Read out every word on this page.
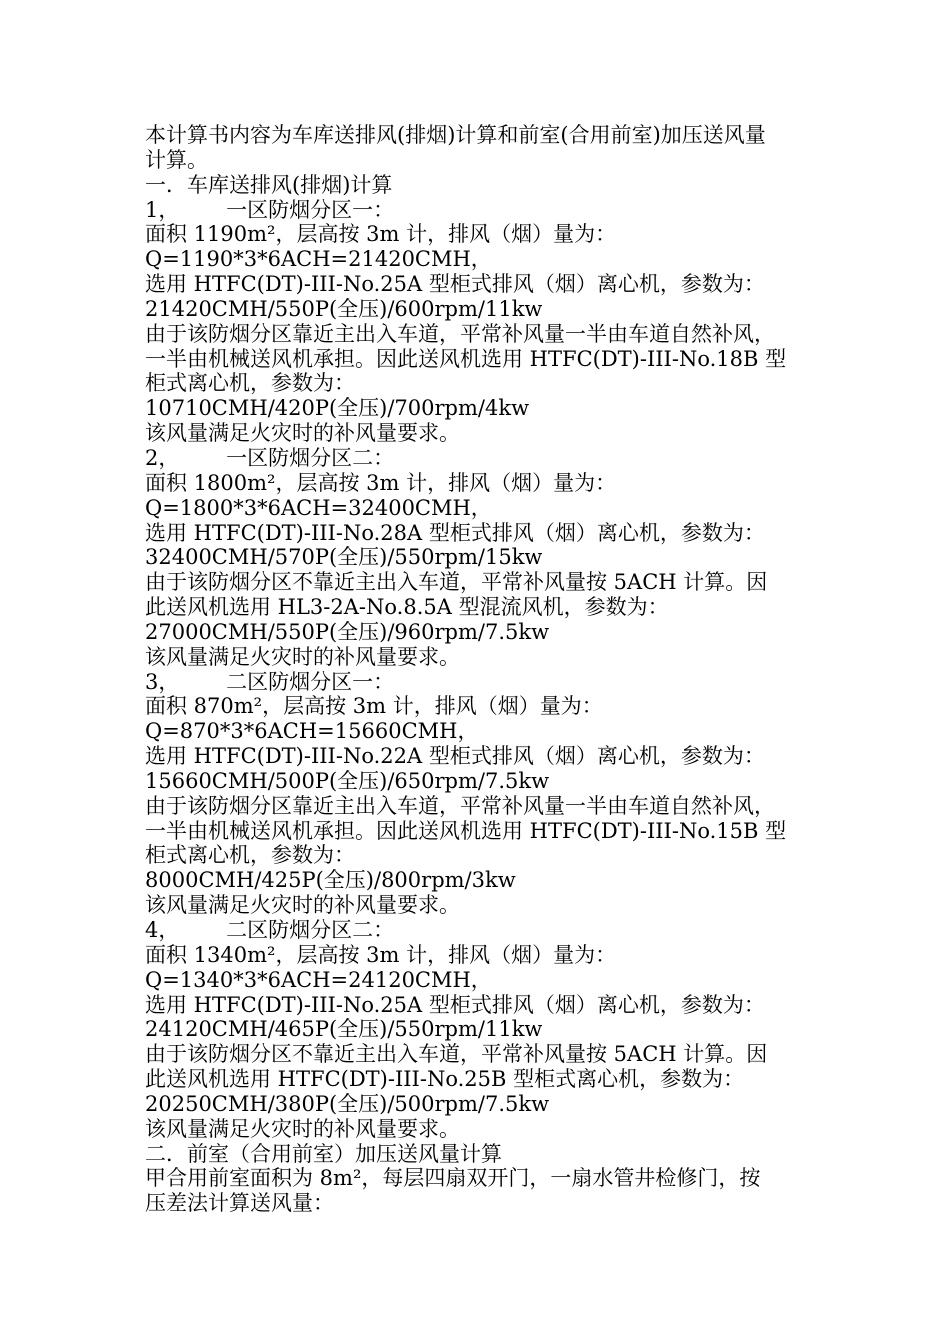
本计算书内容为车库送排风(排烟)计算和前室(合用前室)加压送风量
计算。
一．车库送排风(排烟)计算
1，       一区防烟分区一：
面积 1190m²，层高按 3m 计，排风（烟）量为：
Q=1190*3*6ACH=21420CMH，
选用 HTFC(DT)-III-No.25A 型柜式排风（烟）离心机，参数为：
21420CMH/550P(全压)/600rpm/11kw
由于该防烟分区靠近主出入车道，平常补风量一半由车道自然补风，
一半由机械送风机承担。因此送风机选用 HTFC(DT)-III-No.18B 型
柜式离心机，参数为：
10710CMH/420P(全压)/700rpm/4kw
该风量满足火灾时的补风量要求。
2，       一区防烟分区二：
面积 1800m²，层高按 3m 计，排风（烟）量为：
Q=1800*3*6ACH=32400CMH，
选用 HTFC(DT)-III-No.28A 型柜式排风（烟）离心机，参数为：
32400CMH/570P(全压)/550rpm/15kw
由于该防烟分区不靠近主出入车道，平常补风量按 5ACH 计算。因
此送风机选用 HL3-2A-No.8.5A 型混流风机，参数为：
27000CMH/550P(全压)/960rpm/7.5kw
该风量满足火灾时的补风量要求。
3，       二区防烟分区一：
面积 870m²，层高按 3m 计，排风（烟）量为：
Q=870*3*6ACH=15660CMH，
选用 HTFC(DT)-III-No.22A 型柜式排风（烟）离心机，参数为：
15660CMH/500P(全压)/650rpm/7.5kw
由于该防烟分区靠近主出入车道，平常补风量一半由车道自然补风，
一半由机械送风机承担。因此送风机选用 HTFC(DT)-III-No.15B 型
柜式离心机，参数为：
8000CMH/425P(全压)/800rpm/3kw
该风量满足火灾时的补风量要求。
4，       二区防烟分区二：
面积 1340m²，层高按 3m 计，排风（烟）量为：
Q=1340*3*6ACH=24120CMH，
选用 HTFC(DT)-III-No.25A 型柜式排风（烟）离心机，参数为：
24120CMH/465P(全压)/550rpm/11kw
由于该防烟分区不靠近主出入车道，平常补风量按 5ACH 计算。因
此送风机选用 HTFC(DT)-III-No.25B 型柜式离心机，参数为：
20250CMH/380P(全压)/500rpm/7.5kw
该风量满足火灾时的补风量要求。
二．前室（合用前室）加压送风量计算
甲合用前室面积为 8m²，每层四扇双开门，一扇水管井检修门，按
压差法计算送风量：
